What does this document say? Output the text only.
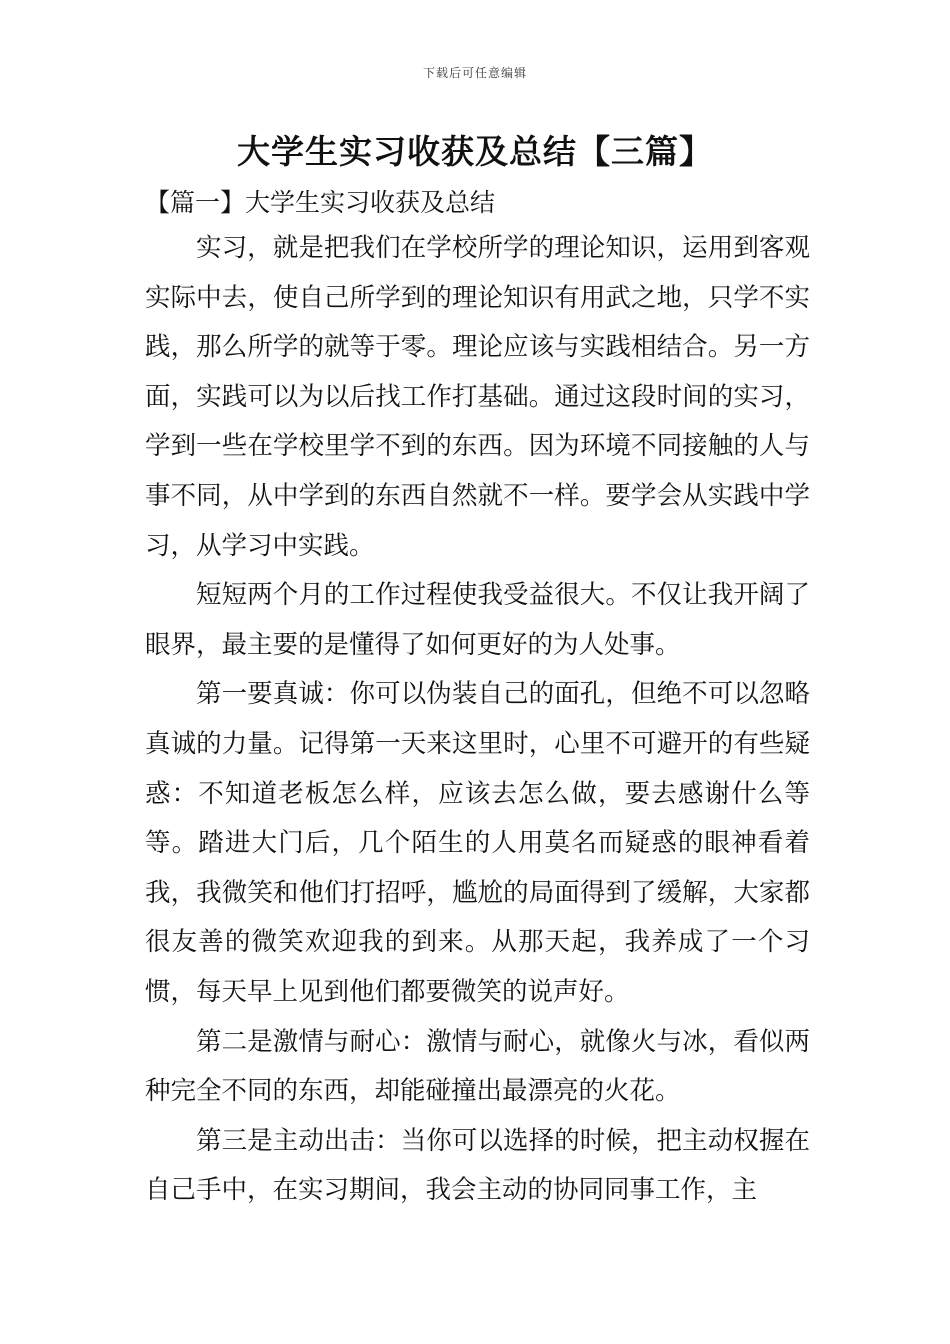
下载后可任意编辑
大学生实习收获及总结【三篇】
【篇一】大学生实习收获及总结

实习，就是把我们在学校所学的理论知识，运用到客观实际中去，使自己所学到的理论知识有用武之地，只学不实践，那么所学的就等于零。理论应该与实践相结合。另一方面，实践可以为以后找工作打基础。通过这段时间的实习，学到一些在学校里学不到的东西。因为环境不同接触的人与事不同，从中学到的东西自然就不一样。要学会从实践中学习，从学习中实践。

短短两个月的工作过程使我受益很大。不仅让我开阔了眼界，最主要的是懂得了如何更好的为人处事。

第一要真诚：你可以伪装自己的面孔，但绝不可以忽略真诚的力量。记得第一天来这里时，心里不可避开的有些疑惑：不知道老板怎么样，应该去怎么做，要去感谢什么等等。踏进大门后，几个陌生的人用莫名而疑惑的眼神看着我，我微笑和他们打招呼，尴尬的局面得到了缓解，大家都很友善的微笑欢迎我的到来。从那天起，我养成了一个习惯，每天早上见到他们都要微笑的说声好。

第二是激情与耐心：激情与耐心，就像火与冰，看似两种完全不同的东西，却能碰撞出最漂亮的火花。

第三是主动出击：当你可以选择的时候，把主动权握在自己手中，在实习期间，我会主动的协同同事工作，主
